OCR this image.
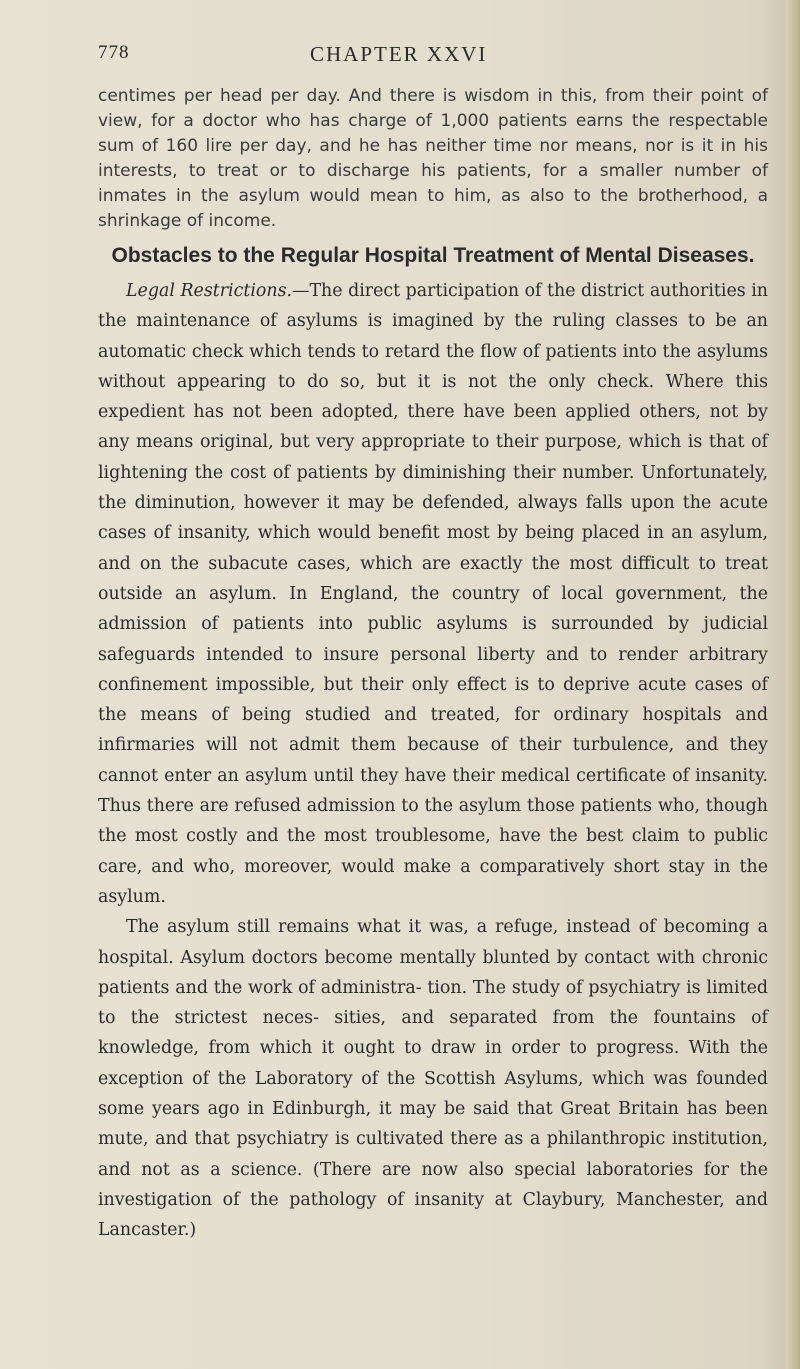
778	CHAPTER XXVI

centimes per head per day. And there is wisdom in this, from their point of view, for a doctor who has charge of 1,000 patients earns the respectable sum of 160 lire per day, and he has neither time nor means, nor is it in his interests, to treat or to discharge his patients, for a smaller number of inmates in the asylum would mean to him, as also to the brotherhood, a shrinkage of income.

Obstacles to the Regular Hospital Treatment of Mental Diseases.

Legal Restrictions.—The direct participation of the district authorities in the maintenance of asylums is imagined by the ruling classes to be an automatic check which tends to retard the flow of patients into the asylums without appearing to do so, but it is not the only check. Where this expedient has not been adopted, there have been applied others, not by any means original, but very appropriate to their purpose, which is that of lightening the cost of patients by diminishing their number. Unfortunately, the diminution, however it may be defended, always falls upon the acute cases of insanity, which would benefit most by being placed in an asylum, and on the subacute cases, which are exactly the most difficult to treat outside an asylum. In England, the country of local government, the admission of patients into public asylums is surrounded by judicial safeguards intended to insure personal liberty and to render arbitrary confinement impossible, but their only effect is to deprive acute cases of the means of being studied and treated, for ordinary hospitals and infirmaries will not admit them because of their turbulence, and they cannot enter an asylum until they have their medical certificate of insanity. Thus there are refused admission to the asylum those patients who, though the most costly and the most troublesome, have the best claim to public care, and who, moreover, would make a comparatively short stay in the asylum.

The asylum still remains what it was, a refuge, instead of becoming a hospital. Asylum doctors become mentally blunted by contact with chronic patients and the work of administra- tion. The study of psychiatry is limited to the strictest neces- sities, and separated from the fountains of knowledge, from which it ought to draw in order to progress. With the exception of the Laboratory of the Scottish Asylums, which was founded some years ago in Edinburgh, it may be said that Great Britain has been mute, and that psychiatry is cultivated there as a philanthropic institution, and not as a science. (There are now also special laboratories for the investigation of the pathology of insanity at Claybury, Manchester, and Lancaster.)
